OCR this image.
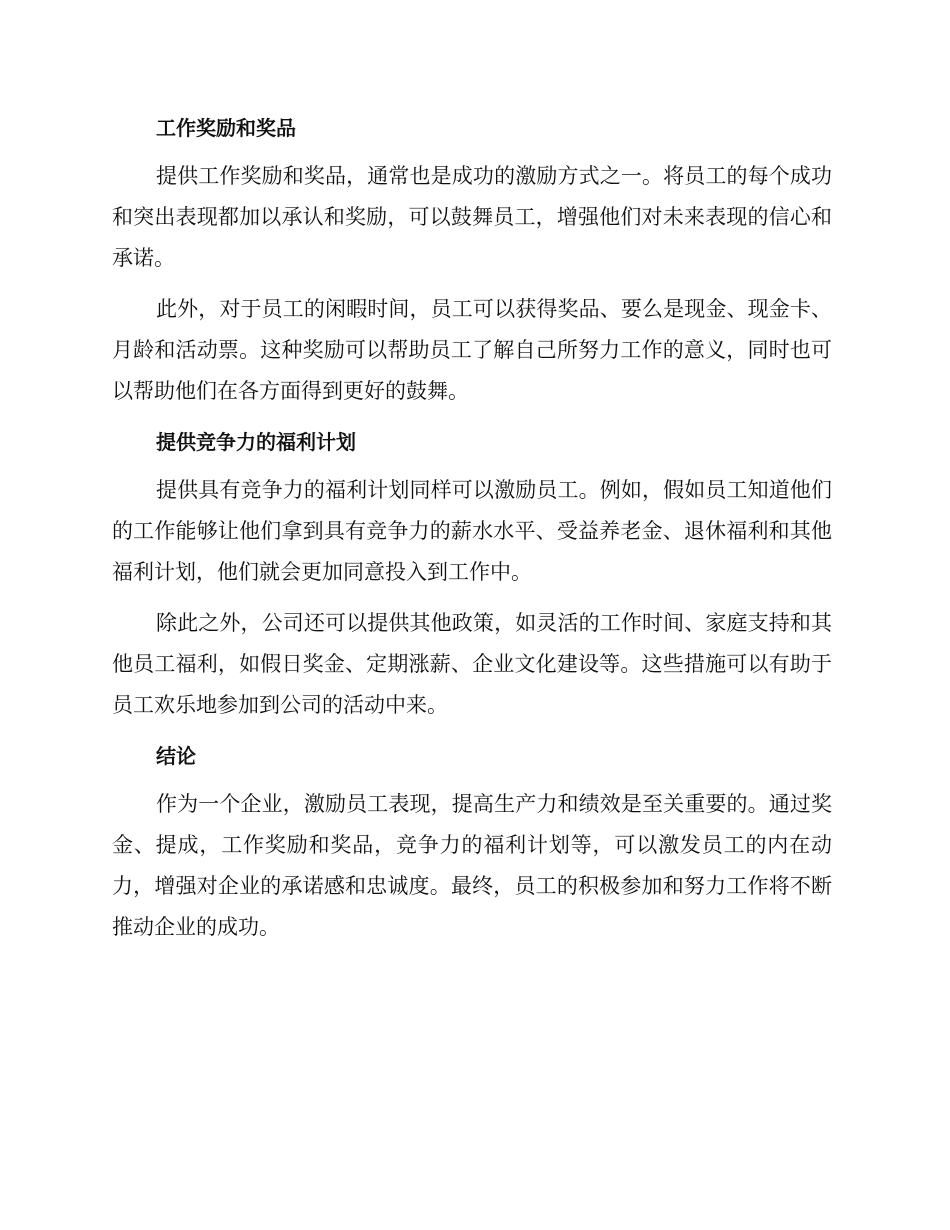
工作奖励和奖品

提供工作奖励和奖品，通常也是成功的激励方式之一。将员工的每个成功和突出表现都加以承认和奖励，可以鼓舞员工，增强他们对未来表现的信心和承诺。

此外，对于员工的闲暇时间，员工可以获得奖品、要么是现金、现金卡、月龄和活动票。这种奖励可以帮助员工了解自己所努力工作的意义，同时也可以帮助他们在各方面得到更好的鼓舞。

提供竞争力的福利计划

提供具有竞争力的福利计划同样可以激励员工。例如，假如员工知道他们的工作能够让他们拿到具有竞争力的薪水水平、受益养老金、退休福利和其他福利计划，他们就会更加同意投入到工作中。

除此之外，公司还可以提供其他政策，如灵活的工作时间、家庭支持和其他员工福利，如假日奖金、定期涨薪、企业文化建设等。这些措施可以有助于员工欢乐地参加到公司的活动中来。

结论

作为一个企业，激励员工表现，提高生产力和绩效是至关重要的。通过奖金、提成，工作奖励和奖品，竞争力的福利计划等，可以激发员工的内在动力，增强对企业的承诺感和忠诚度。最终，员工的积极参加和努力工作将不断推动企业的成功。
